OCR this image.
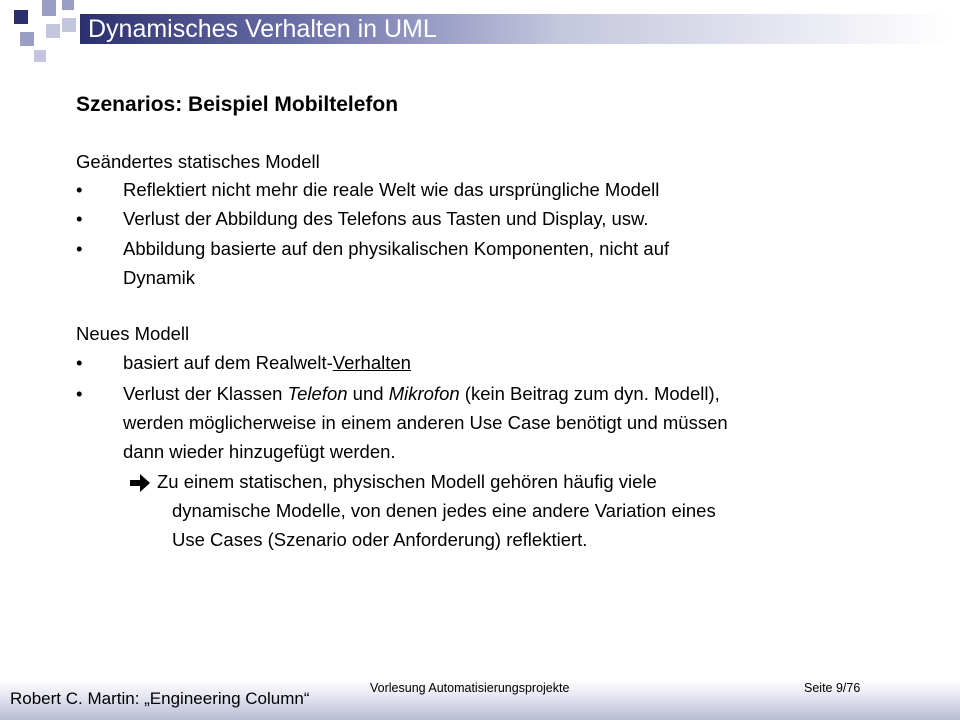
Dynamisches Verhalten in UML
Szenarios: Beispiel Mobiltelefon
Geändertes statisches Modell
• Reflektiert nicht mehr die reale Welt wie das ursprüngliche Modell
• Verlust der Abbildung des Telefons aus Tasten und Display, usw.
• Abbildung basierte auf den physikalischen Komponenten, nicht auf
Dynamik
Neues Modell
• basiert auf dem Realwelt-Verhalten
• Verlust der Klassen Telefon und Mikrofon (kein Beitrag zum dyn. Modell),
werden möglicherweise in einem anderen Use Case benötigt und müssen
dann wieder hinzugefügt werden.
Zu einem statischen, physischen Modell gehören häufig viele
dynamische Modelle, von denen jedes eine andere Variation eines
Use Cases (Szenario oder Anforderung) reflektiert.
Vorlesung Automatisierungsprojekte	Seite 9/76
Robert C. Martin: „Engineering Column“
